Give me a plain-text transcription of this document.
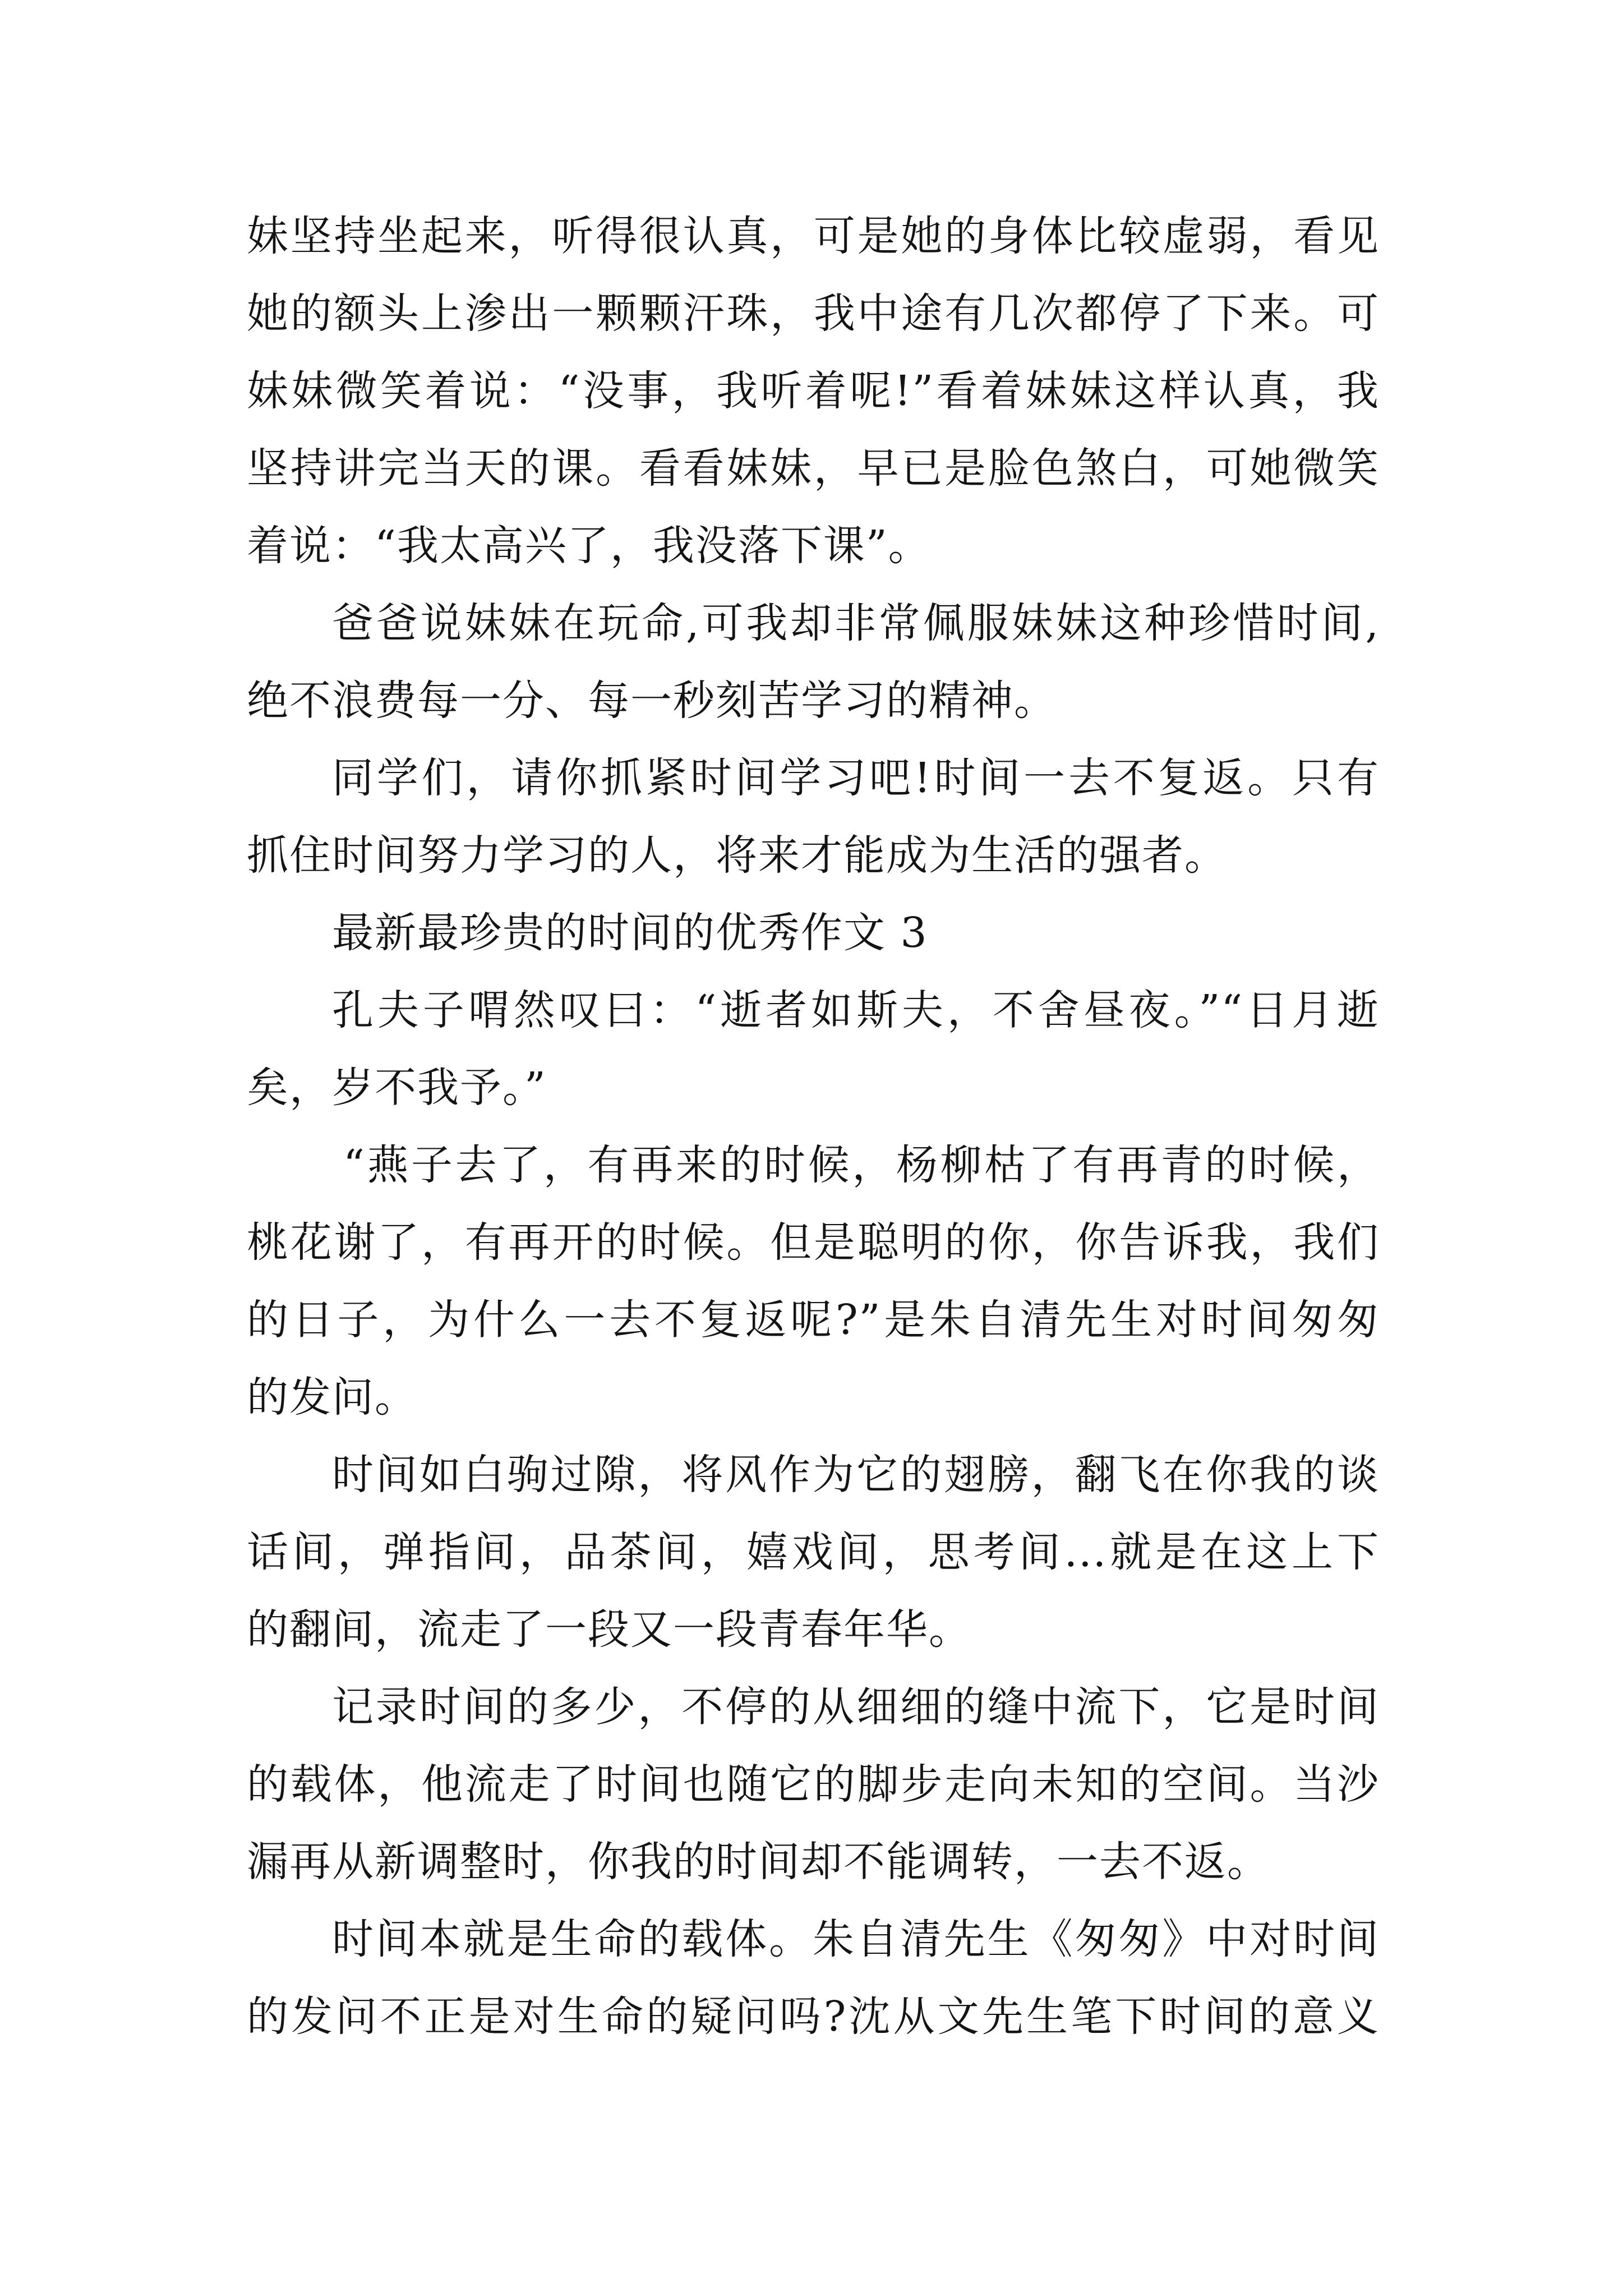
妹坚持坐起来，听得很认真，可是她的身体比较虚弱，看见
她的额头上渗出一颗颗汗珠，我中途有几次都停了下来。可
妹妹微笑着说：“没事，我听着呢!”看着妹妹这样认真，我
坚持讲完当天的课。看看妹妹，早已是脸色煞白，可她微笑
着说：“我太高兴了，我没落下课”。
爸爸说妹妹在玩命,可我却非常佩服妹妹这种珍惜时间,
绝不浪费每一分、每一秒刻苦学习的精神。
同学们，请你抓紧时间学习吧!时间一去不复返。只有
抓住时间努力学习的人，将来才能成为生活的强者。
最新最珍贵的时间的优秀作文 3
孔夫子喟然叹曰：“逝者如斯夫，不舍昼夜。”“日月逝
矣，岁不我予。”
“燕子去了，有再来的时候，杨柳枯了有再青的时候，
桃花谢了，有再开的时候。但是聪明的你，你告诉我，我们
的日子，为什么一去不复返呢?”是朱自清先生对时间匆匆
的发问。
时间如白驹过隙，将风作为它的翅膀，翻飞在你我的谈
话间，弹指间，品茶间，嬉戏间，思考间...就是在这上下
的翻间，流走了一段又一段青春年华。
记录时间的多少，不停的从细细的缝中流下，它是时间
的载体，他流走了时间也随它的脚步走向未知的空间。当沙
漏再从新调整时，你我的时间却不能调转，一去不返。
时间本就是生命的载体。朱自清先生《匆匆》中对时间
的发问不正是对生命的疑问吗?沈从文先生笔下时间的意义
